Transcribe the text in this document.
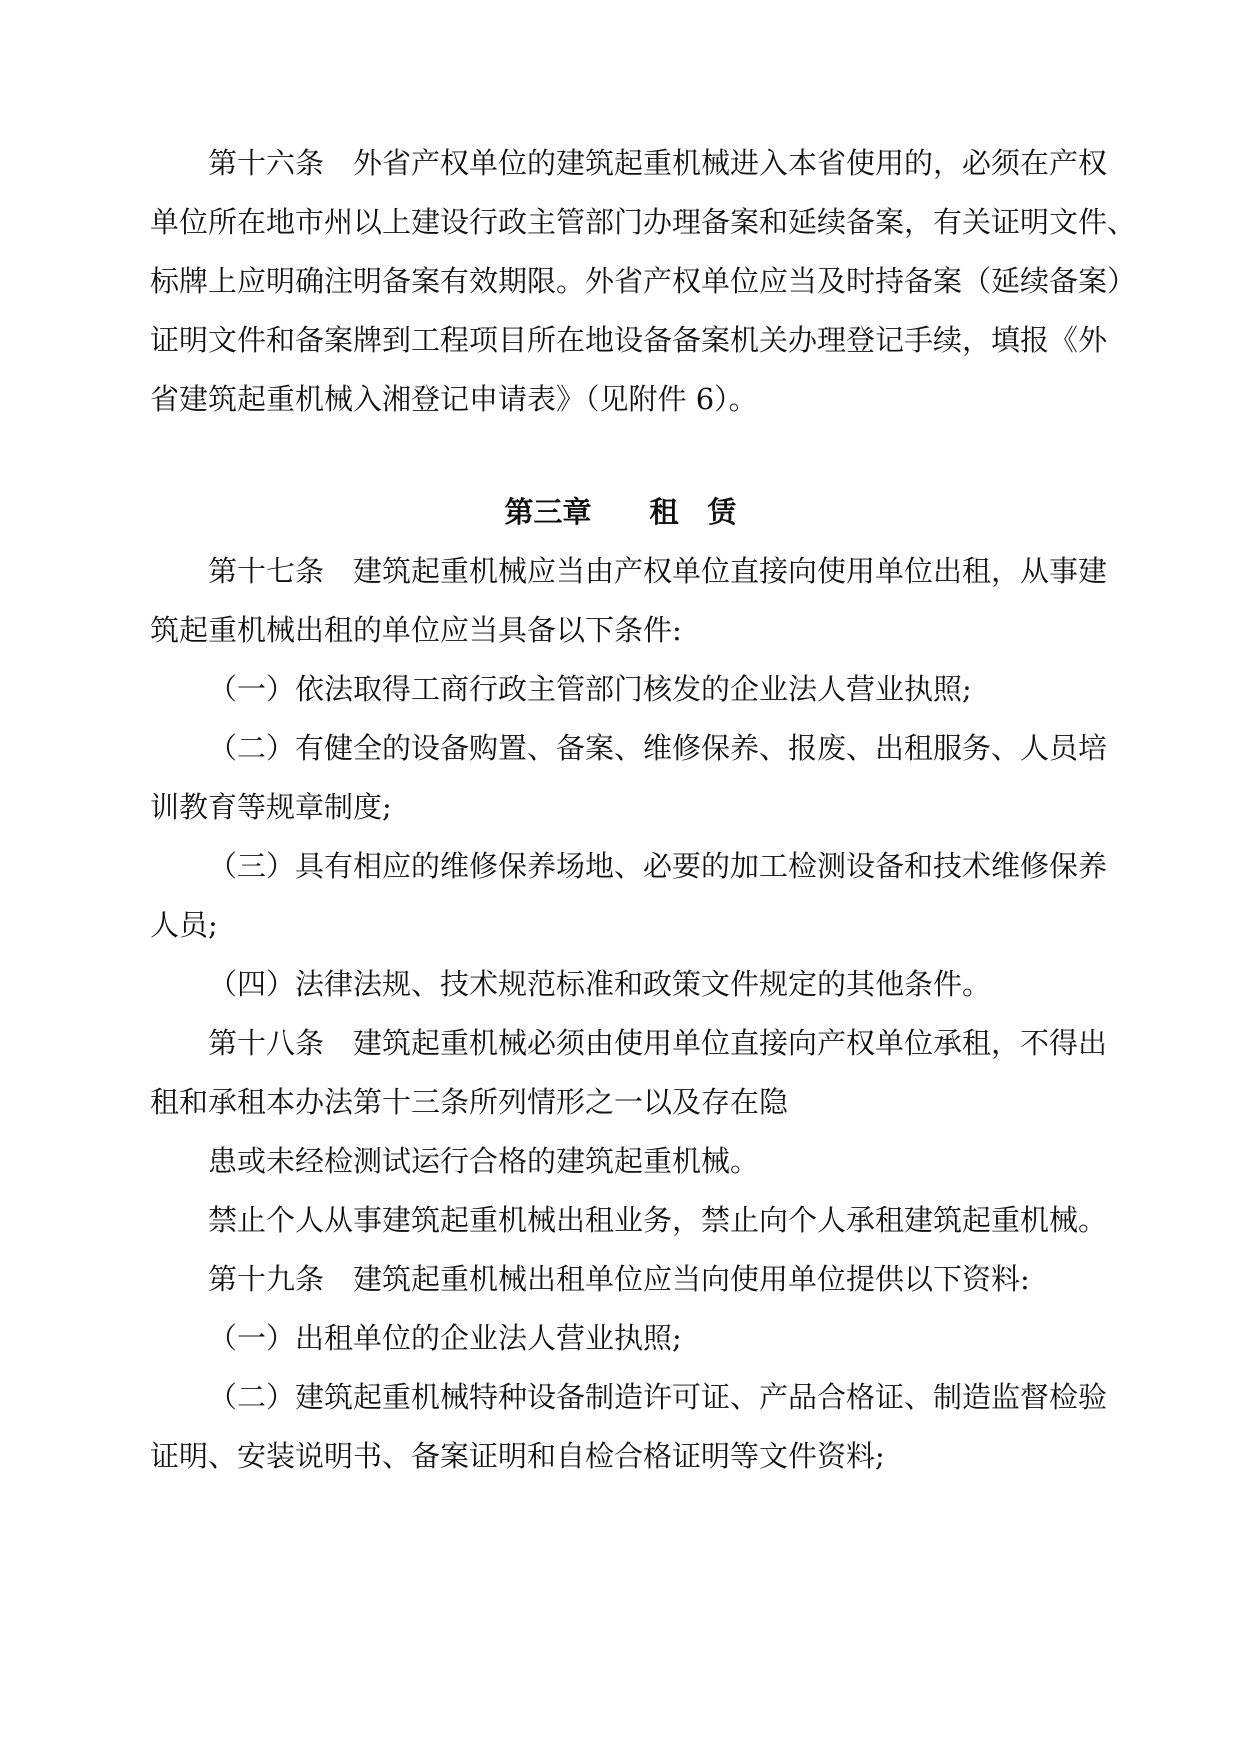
第十六条　外省产权单位的建筑起重机械进入本省使用的，必须在产权
单位所在地市州以上建设行政主管部门办理备案和延续备案，有关证明文件、
标牌上应明确注明备案有效期限。外省产权单位应当及时持备案（延续备案）
证明文件和备案牌到工程项目所在地设备备案机关办理登记手续，填报《外
省建筑起重机械入湘登记申请表》（见附件 6）。
第三章　　租　赁
第十七条　建筑起重机械应当由产权单位直接向使用单位出租，从事建
筑起重机械出租的单位应当具备以下条件:
（一）依法取得工商行政主管部门核发的企业法人营业执照;
（二）有健全的设备购置、备案、维修保养、报废、出租服务、人员培
训教育等规章制度;
（三）具有相应的维修保养场地、必要的加工检测设备和技术维修保养
人员;
（四）法律法规、技术规范标准和政策文件规定的其他条件。
第十八条　建筑起重机械必须由使用单位直接向产权单位承租，不得出
租和承租本办法第十三条所列情形之一以及存在隐
患或未经检测试运行合格的建筑起重机械。
禁止个人从事建筑起重机械出租业务，禁止向个人承租建筑起重机械。
第十九条　建筑起重机械出租单位应当向使用单位提供以下资料:
（一）出租单位的企业法人营业执照;
（二）建筑起重机械特种设备制造许可证、产品合格证、制造监督检验
证明、安装说明书、备案证明和自检合格证明等文件资料;
